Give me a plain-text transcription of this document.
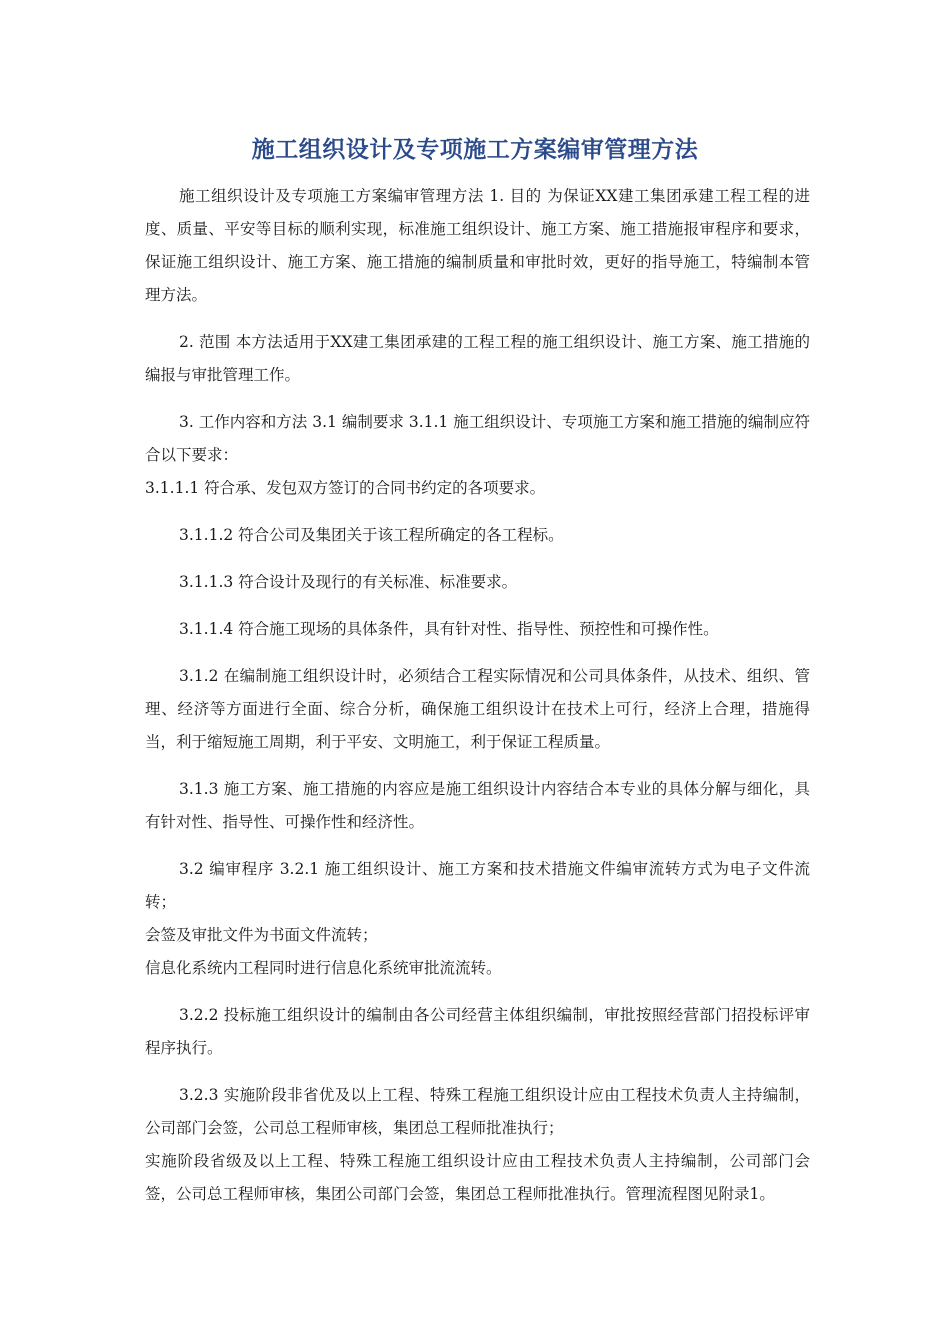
施工组织设计及专项施工方案编审管理方法

施工组织设计及专项施工方案编审管理方法 1. 目的 为保证XX建工集团承建工程工程的进度、质量、平安等目标的顺利实现，标准施工组织设计、施工方案、施工措施报审程序和要求，保证施工组织设计、施工方案、施工措施的编制质量和审批时效，更好的指导施工，特编制本管理方法。

2. 范围 本方法适用于XX建工集团承建的工程工程的施工组织设计、施工方案、施工措施的编报与审批管理工作。

3. 工作内容和方法 3.1 编制要求 3.1.1 施工组织设计、专项施工方案和施工措施的编制应符合以下要求：

3.1.1.1 符合承、发包双方签订的合同书约定的各项要求。

3.1.1.2 符合公司及集团关于该工程所确定的各工程标。

3.1.1.3 符合设计及现行的有关标准、标准要求。

3.1.1.4 符合施工现场的具体条件，具有针对性、指导性、预控性和可操作性。

3.1.2 在编制施工组织设计时，必须结合工程实际情况和公司具体条件，从技术、组织、管理、经济等方面进行全面、综合分析，确保施工组织设计在技术上可行，经济上合理，措施得当，利于缩短施工周期，利于平安、文明施工，利于保证工程质量。

3.1.3 施工方案、施工措施的内容应是施工组织设计内容结合本专业的具体分解与细化，具有针对性、指导性、可操作性和经济性。

3.2 编审程序 3.2.1 施工组织设计、施工方案和技术措施文件编审流转方式为电子文件流转；

会签及审批文件为书面文件流转；

信息化系统内工程同时进行信息化系统审批流流转。

3.2.2 投标施工组织设计的编制由各公司经营主体组织编制，审批按照经营部门招投标评审程序执行。

3.2.3 实施阶段非省优及以上工程、特殊工程施工组织设计应由工程技术负责人主持编制，公司部门会签，公司总工程师审核，集团总工程师批准执行；

实施阶段省级及以上工程、特殊工程施工组织设计应由工程技术负责人主持编制，公司部门会签，公司总工程师审核，集团公司部门会签，集团总工程师批准执行。管理流程图见附录1。
